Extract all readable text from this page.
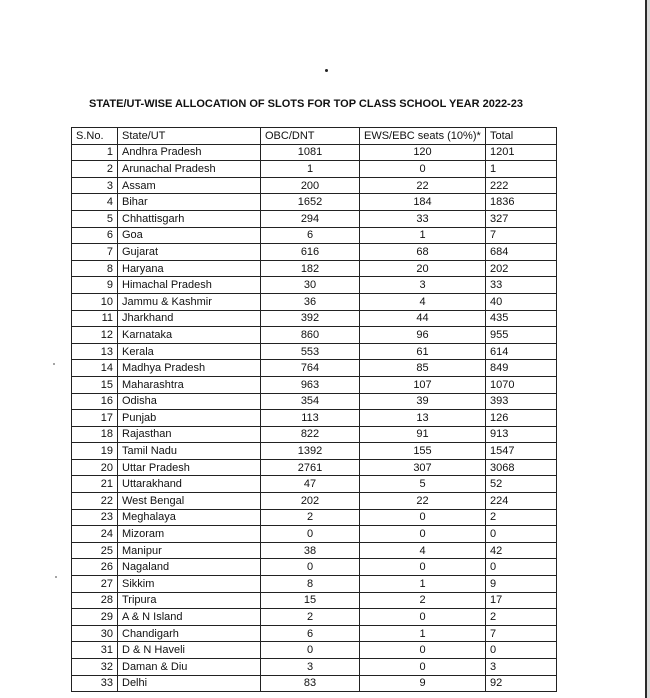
STATE/UT-WISE ALLOCATION OF SLOTS FOR TOP CLASS SCHOOL YEAR 2022-23
S.No.	State/UT	OBC/DNT	EWS/EBC seats (10%)*	Total
1	Andhra Pradesh	1081	120	1201
2	Arunachal Pradesh	1	0	1
3	Assam	200	22	222
4	Bihar	1652	184	1836
5	Chhattisgarh	294	33	327
6	Goa	6	1	7
7	Gujarat	616	68	684
8	Haryana	182	20	202
9	Himachal Pradesh	30	3	33
10	Jammu & Kashmir	36	4	40
11	Jharkhand	392	44	435
12	Karnataka	860	96	955
13	Kerala	553	61	614
14	Madhya Pradesh	764	85	849
15	Maharashtra	963	107	1070
16	Odisha	354	39	393
17	Punjab	113	13	126
18	Rajasthan	822	91	913
19	Tamil Nadu	1392	155	1547
20	Uttar Pradesh	2761	307	3068
21	Uttarakhand	47	5	52
22	West Bengal	202	22	224
23	Meghalaya	2	0	2
24	Mizoram	0	0	0
25	Manipur	38	4	42
26	Nagaland	0	0	0
27	Sikkim	8	1	9
28	Tripura	15	2	17
29	A & N Island	2	0	2
30	Chandigarh	6	1	7
31	D & N Haveli	0	0	0
32	Daman & Diu	3	0	3
33	Delhi	83	9	92
